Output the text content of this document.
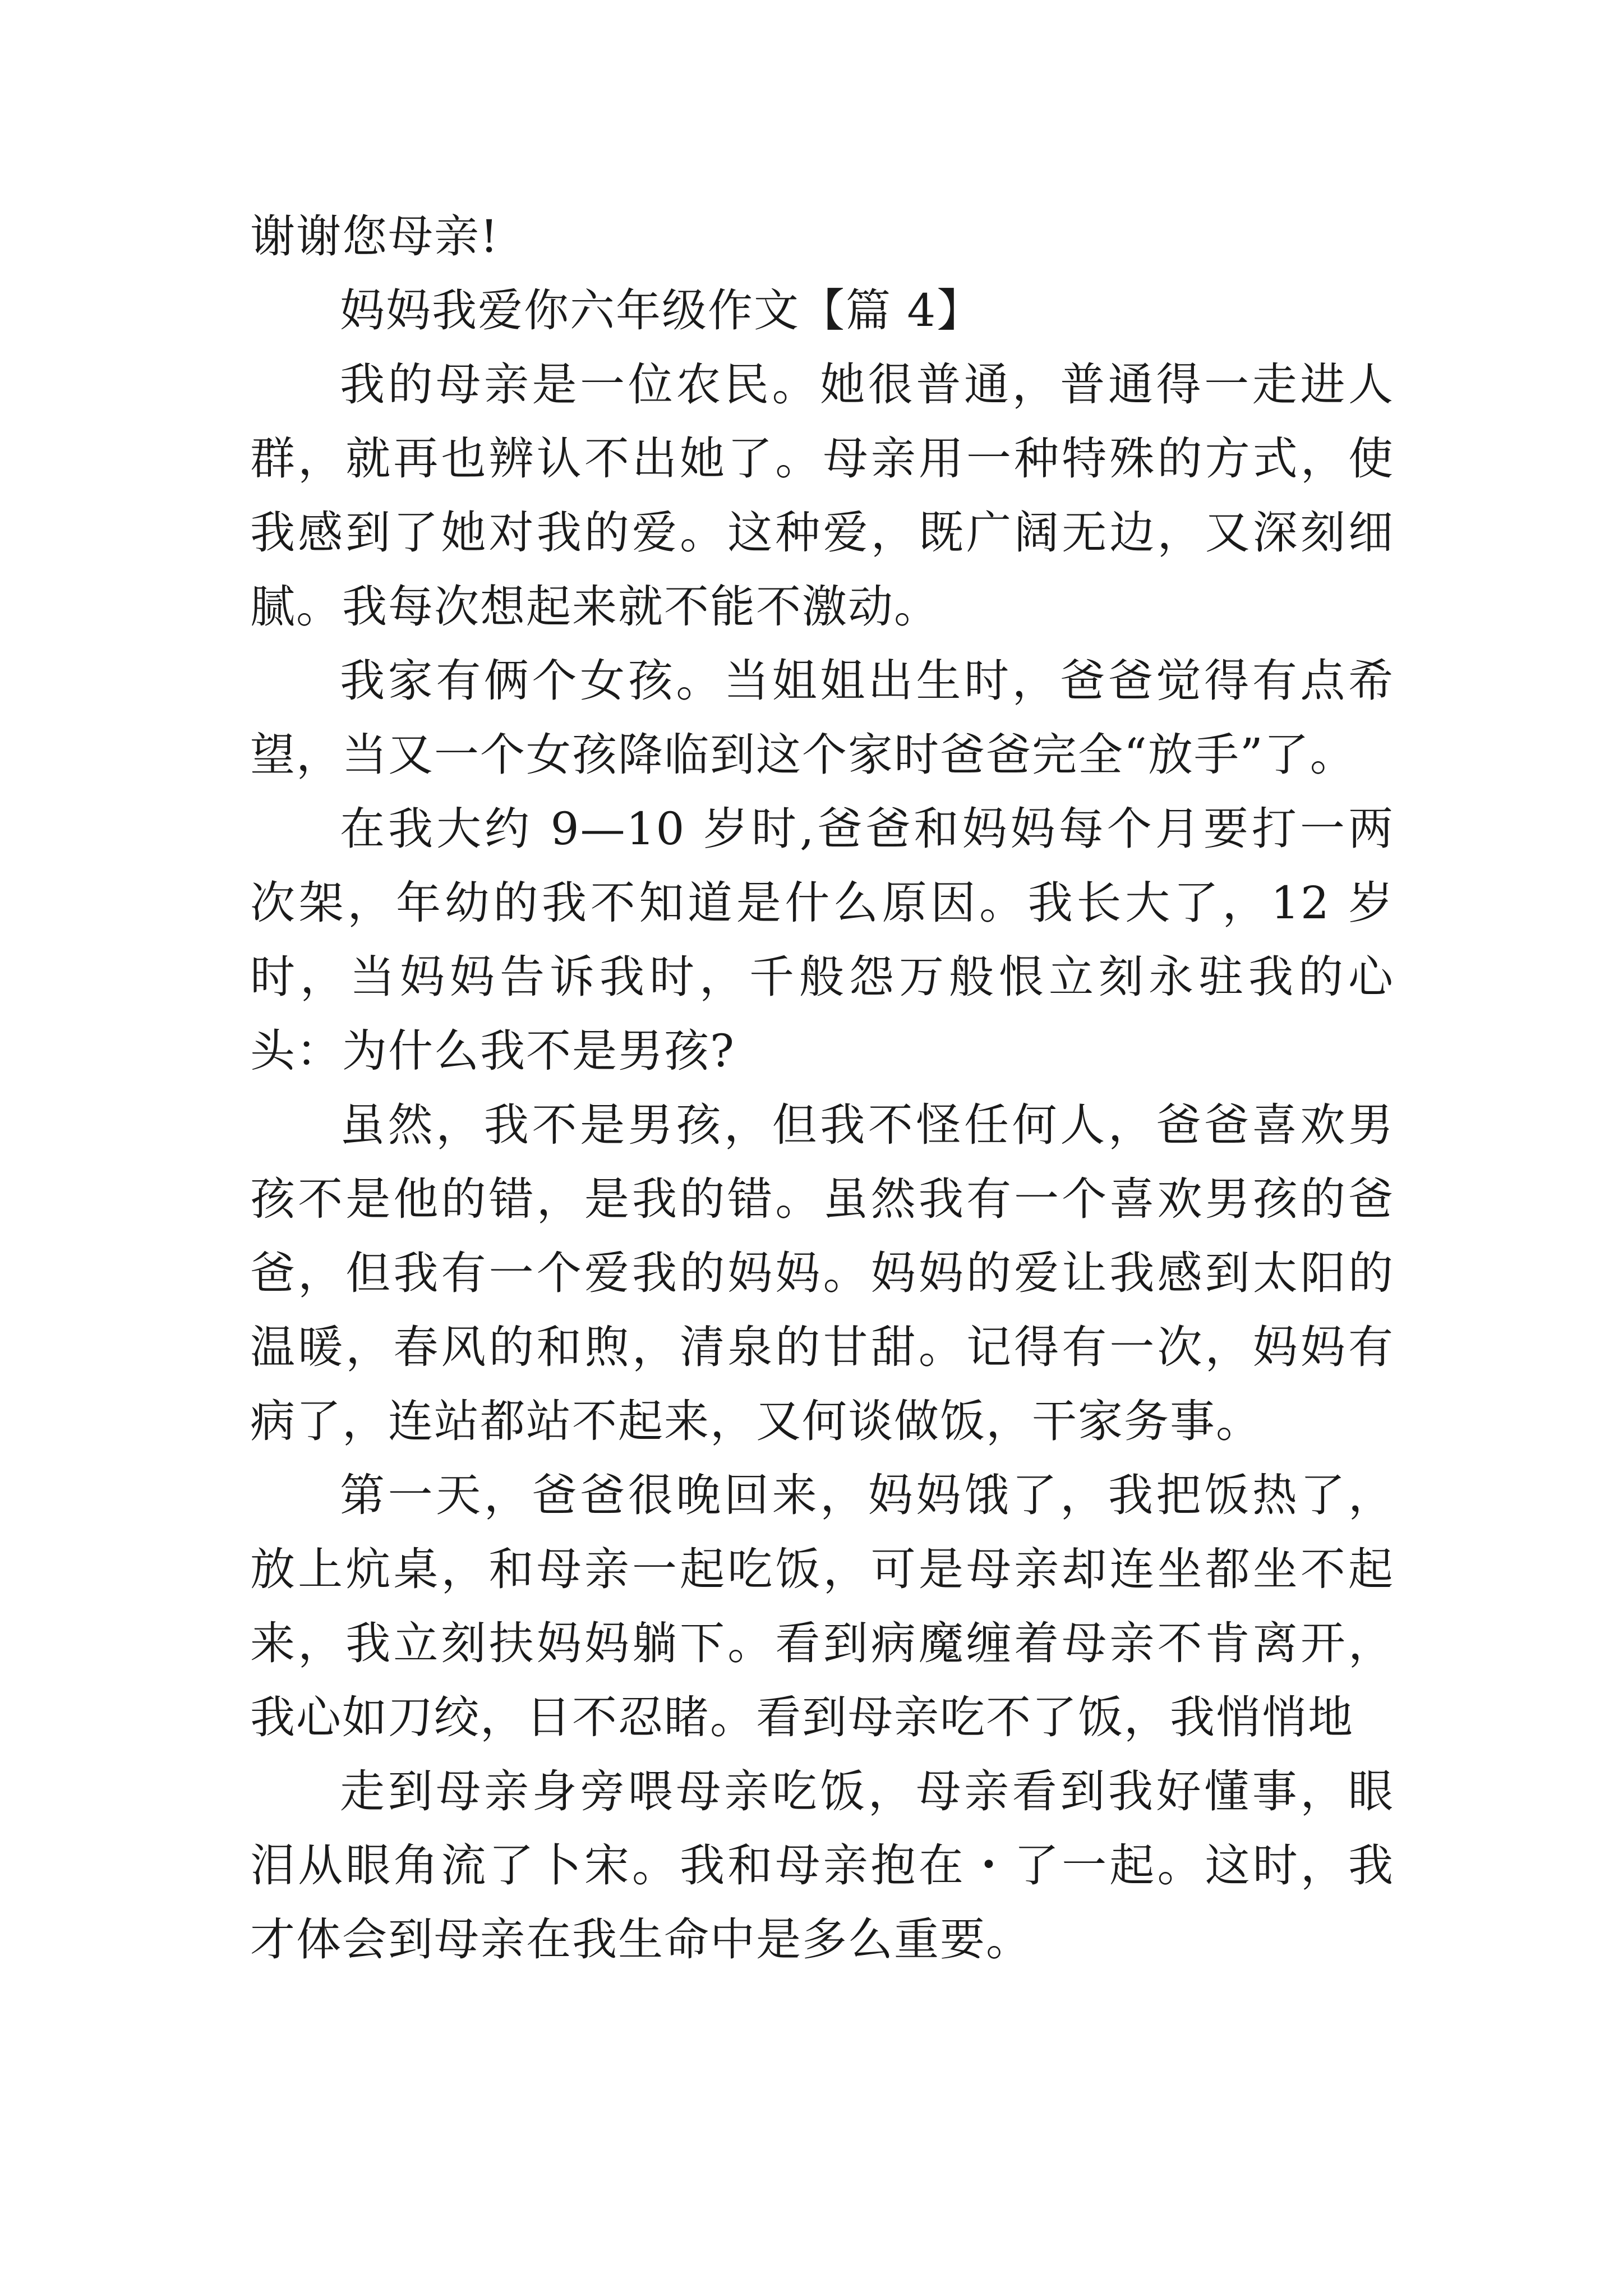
谢谢您母亲!

妈妈我爱你六年级作文【篇 4】

我的母亲是一位农民。她很普通，普通得一走进人群，就再也辨认不出她了。母亲用一种特殊的方式，使我感到了她对我的爱。这种爱，既广阔无边，又深刻细腻。我每次想起来就不能不激动。

我家有俩个女孩。当姐姐出生时，爸爸觉得有点希望，当又一个女孩降临到这个家时爸爸完全“放手”了。

在我大约 9—10 岁时,爸爸和妈妈每个月要打一两次架，年幼的我不知道是什么原因。我长大了，12 岁时，当妈妈告诉我时，千般怨万般恨立刻永驻我的心头：为什么我不是男孩?

虽然，我不是男孩，但我不怪任何人，爸爸喜欢男孩不是他的错，是我的错。虽然我有一个喜欢男孩的爸爸，但我有一个爱我的妈妈。妈妈的爱让我感到太阳的温暖，春风的和煦，清泉的甘甜。记得有一次，妈妈有病了，连站都站不起来，又何谈做饭，干家务事。

第一天，爸爸很晚回来，妈妈饿了，我把饭热了，放上炕桌，和母亲一起吃饭，可是母亲却连坐都坐不起来，我立刻扶妈妈躺下。看到病魔缠着母亲不肯离开，我心如刀绞，日不忍睹。看到母亲吃不了饭，我悄悄地

走到母亲身旁喂母亲吃饭，母亲看到我好懂事，眼泪从眼角流了卜宋。我和母亲抱在・了一起。这时，我才体会到母亲在我生命中是多么重要。
